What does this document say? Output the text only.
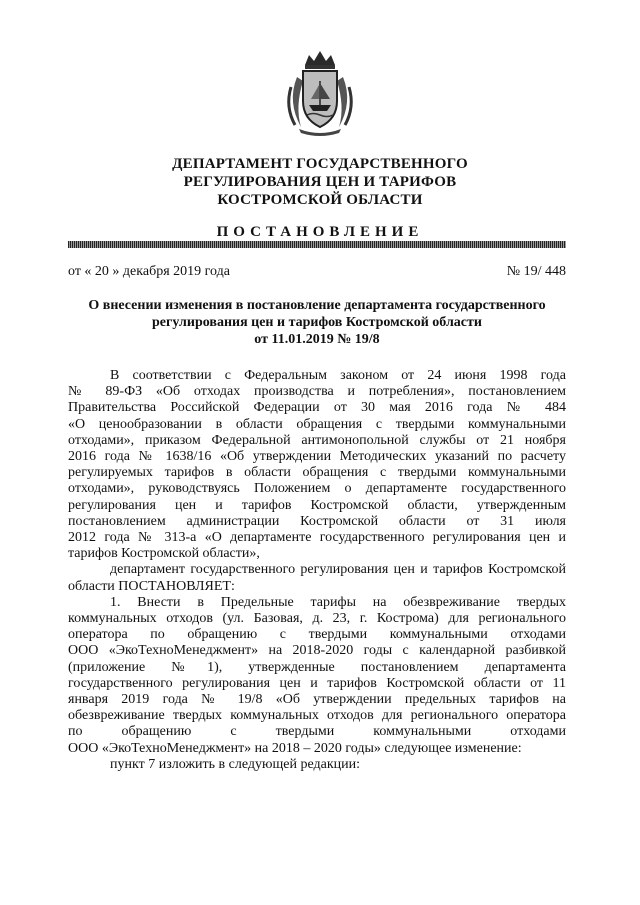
ДЕПАРТАМЕНТ ГОСУДАРСТВЕННОГО
РЕГУЛИРОВАНИЯ ЦЕН И ТАРИФОВ
КОСТРОМСКОЙ ОБЛАСТИ
ПОСТАНОВЛЕНИЕ
от « 20 » декабря 2019 года	№ 19/ 448
О внесении изменения в постановление департамента государственного
регулирования цен и тарифов Костромской области
от 11.01.2019 № 19/8
В соответствии с Федеральным законом от 24 июня 1998 года
№ 89-ФЗ «Об отходах производства и потребления», постановлением
Правительства Российской Федерации от 30 мая 2016 года № 484
«О ценообразовании в области обращения с твердыми коммунальными
отходами», приказом Федеральной антимонопольной службы от 21 ноября
2016 года № 1638/16 «Об утверждении Методических указаний по расчету
регулируемых тарифов в области обращения с твердыми коммунальными
отходами», руководствуясь Положением о департаменте государственного
регулирования цен и тарифов Костромской области, утвержденным
постановлением администрации Костромской области от 31 июля
2012 года № 313-а «О департаменте государственного регулирования цен и
тарифов Костромской области»,
департамент государственного регулирования цен и тарифов Костромской
области ПОСТАНОВЛЯЕТ:
1. Внести в Предельные тарифы на обезвреживание твердых
коммунальных отходов (ул. Базовая, д. 23, г. Кострома) для регионального
оператора по обращению с твердыми коммунальными отходами
ООО «ЭкоТехноМенеджмент» на 2018-2020 годы с календарной разбивкой
(приложение №1), утвержденные постановлением департамента
государственного регулирования цен и тарифов Костромской области от 11
января 2019 года № 19/8 «Об утверждении предельных тарифов на
обезвреживание твердых коммунальных отходов для регионального оператора
по обращению с твердыми коммунальными отходами
ООО «ЭкоТехноМенеджмент» на 2018 – 2020 годы» следующее изменение:
пункт 7 изложить в следующей редакции:
